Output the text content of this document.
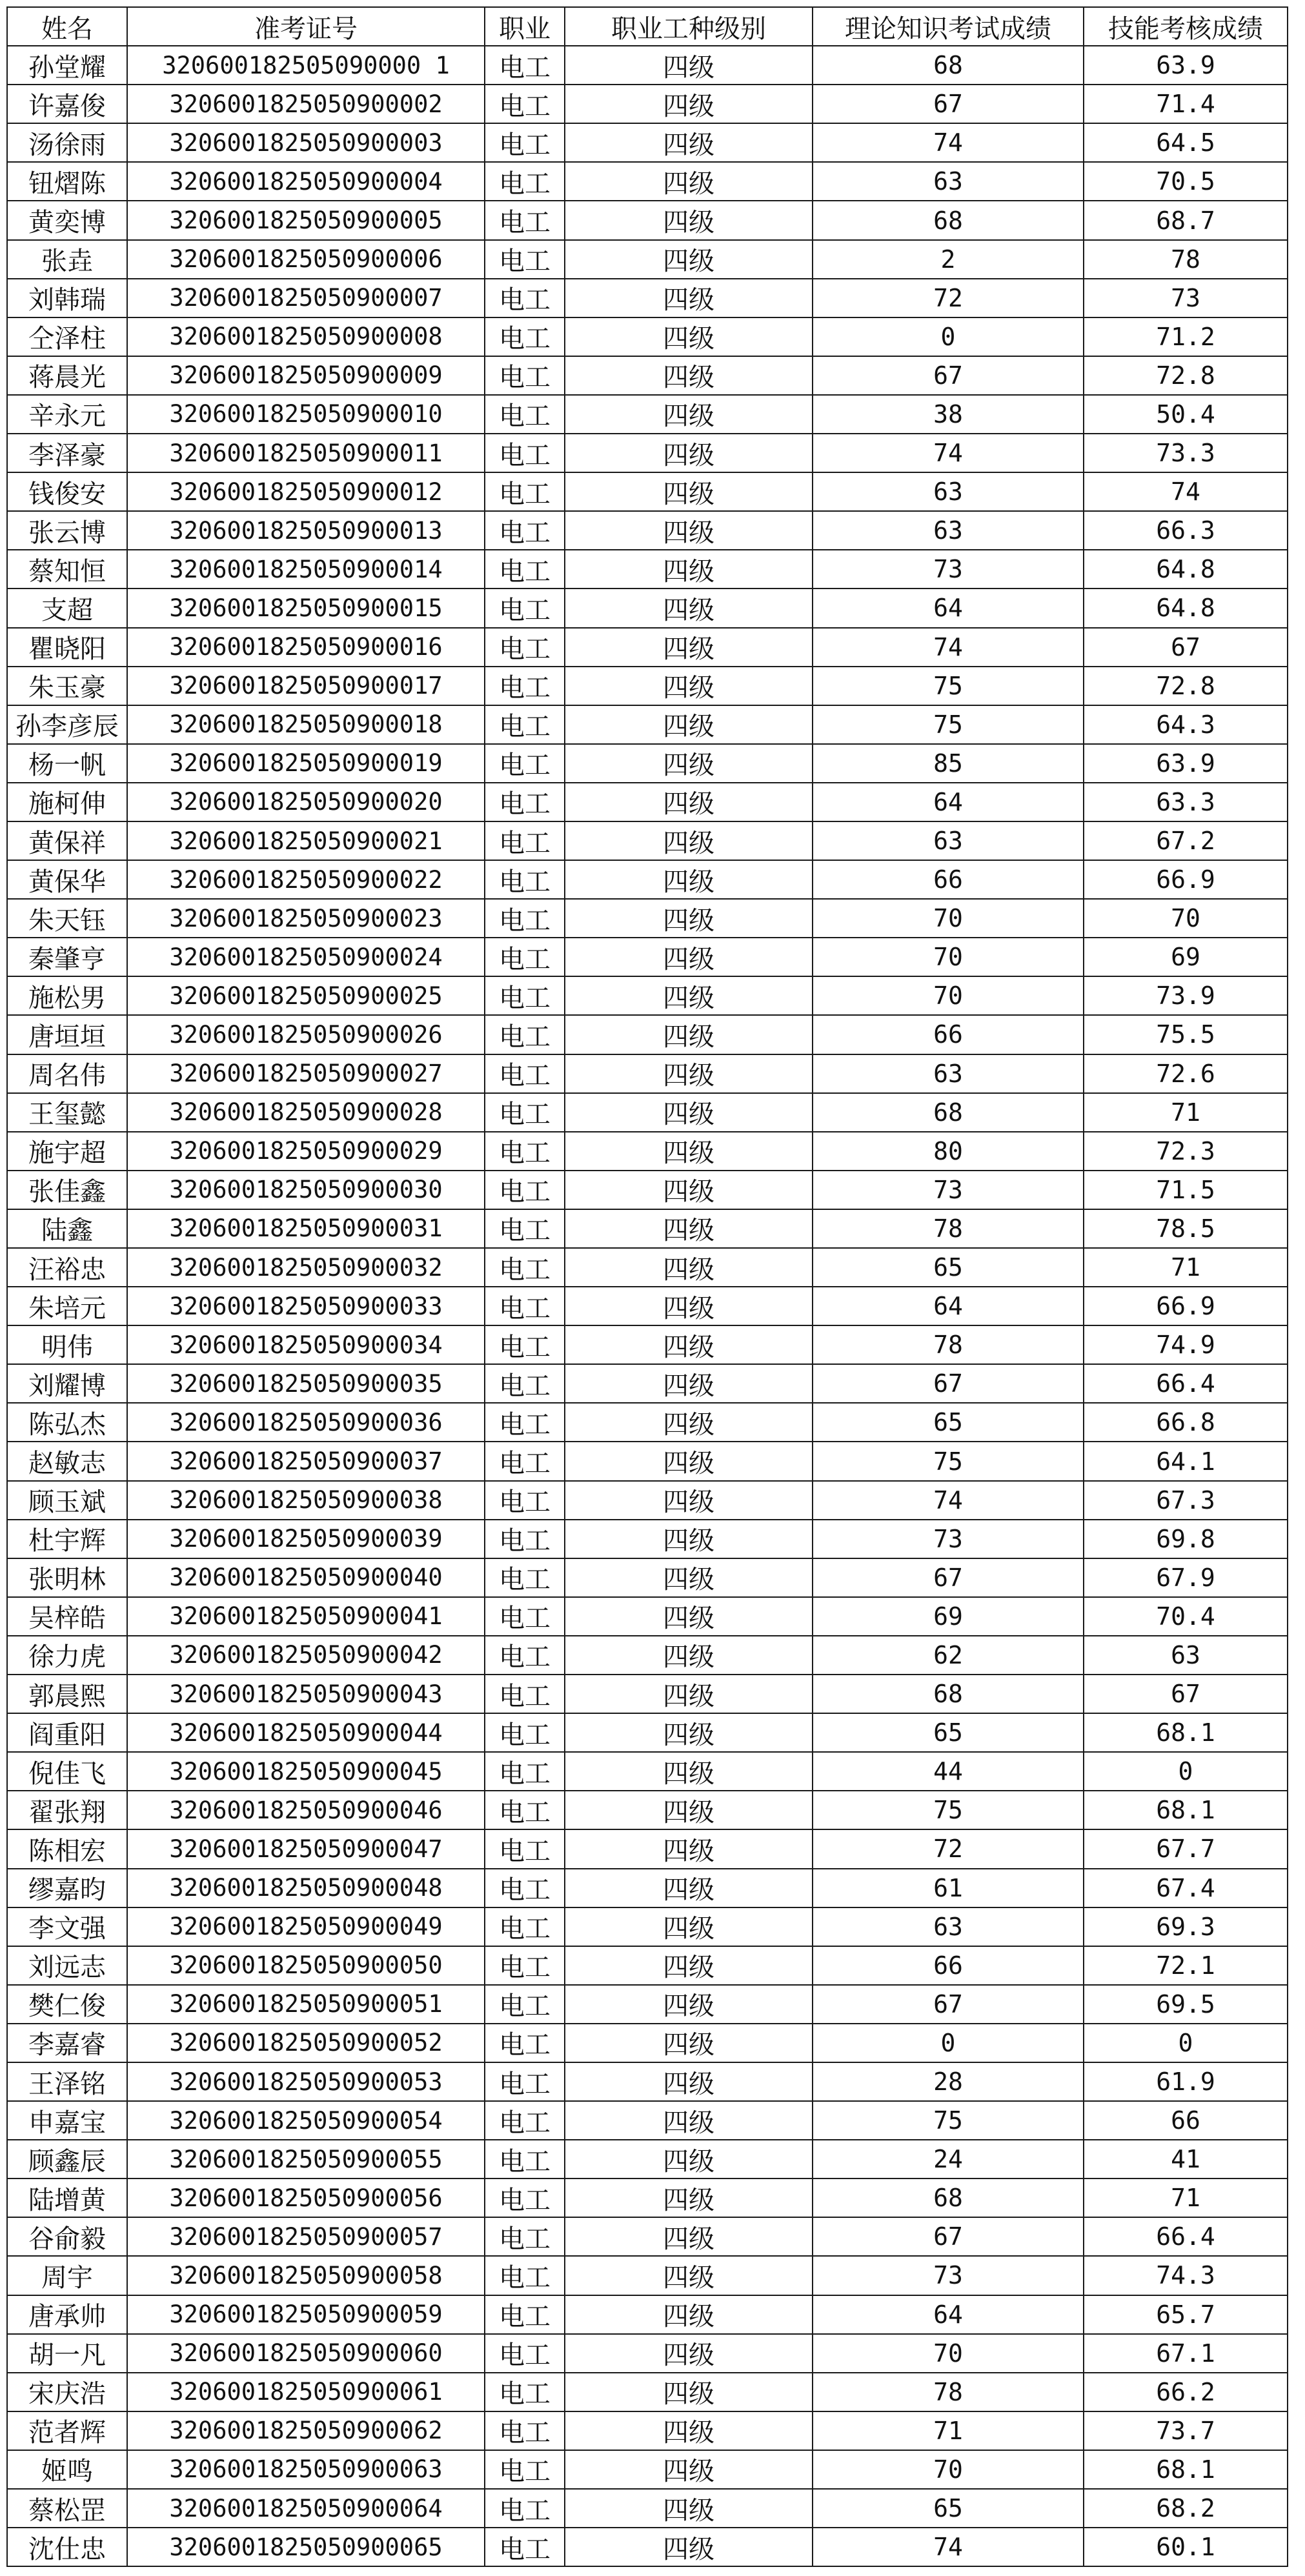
姓名	准考证号	职业	职业工种级别	理论知识考试成绩	技能考核成绩
孙堂耀	320600182505090000 1	电工	四级	68	63.9
许嘉俊	3206001825050900002	电工	四级	67	71.4
汤徐雨	3206001825050900003	电工	四级	74	64.5
钮熠陈	3206001825050900004	电工	四级	63	70.5
黄奕博	3206001825050900005	电工	四级	68	68.7
张垚	3206001825050900006	电工	四级	2	78
刘韩瑞	3206001825050900007	电工	四级	72	73
仝泽柱	3206001825050900008	电工	四级	0	71.2
蒋晨光	3206001825050900009	电工	四级	67	72.8
辛永元	3206001825050900010	电工	四级	38	50.4
李泽豪	3206001825050900011	电工	四级	74	73.3
钱俊安	3206001825050900012	电工	四级	63	74
张云博	3206001825050900013	电工	四级	63	66.3
蔡知恒	3206001825050900014	电工	四级	73	64.8
支超	3206001825050900015	电工	四级	64	64.8
瞿晓阳	3206001825050900016	电工	四级	74	67
朱玉豪	3206001825050900017	电工	四级	75	72.8
孙李彦辰	3206001825050900018	电工	四级	75	64.3
杨一帆	3206001825050900019	电工	四级	85	63.9
施柯伸	3206001825050900020	电工	四级	64	63.3
黄保祥	3206001825050900021	电工	四级	63	67.2
黄保华	3206001825050900022	电工	四级	66	66.9
朱天钰	3206001825050900023	电工	四级	70	70
秦肇亨	3206001825050900024	电工	四级	70	69
施松男	3206001825050900025	电工	四级	70	73.9
唐垣垣	3206001825050900026	电工	四级	66	75.5
周名伟	3206001825050900027	电工	四级	63	72.6
王玺懿	3206001825050900028	电工	四级	68	71
施宇超	3206001825050900029	电工	四级	80	72.3
张佳鑫	3206001825050900030	电工	四级	73	71.5
陆鑫	3206001825050900031	电工	四级	78	78.5
汪裕忠	3206001825050900032	电工	四级	65	71
朱培元	3206001825050900033	电工	四级	64	66.9
明伟	3206001825050900034	电工	四级	78	74.9
刘耀博	3206001825050900035	电工	四级	67	66.4
陈弘杰	3206001825050900036	电工	四级	65	66.8
赵敏志	3206001825050900037	电工	四级	75	64.1
顾玉斌	3206001825050900038	电工	四级	74	67.3
杜宇辉	3206001825050900039	电工	四级	73	69.8
张明林	3206001825050900040	电工	四级	67	67.9
吴梓皓	3206001825050900041	电工	四级	69	70.4
徐力虎	3206001825050900042	电工	四级	62	63
郭晨熙	3206001825050900043	电工	四级	68	67
阎重阳	3206001825050900044	电工	四级	65	68.1
倪佳飞	3206001825050900045	电工	四级	44	0
翟张翔	3206001825050900046	电工	四级	75	68.1
陈相宏	3206001825050900047	电工	四级	72	67.7
缪嘉昀	3206001825050900048	电工	四级	61	67.4
李文强	3206001825050900049	电工	四级	63	69.3
刘远志	3206001825050900050	电工	四级	66	72.1
樊仁俊	3206001825050900051	电工	四级	67	69.5
李嘉睿	3206001825050900052	电工	四级	0	0
王泽铭	3206001825050900053	电工	四级	28	61.9
申嘉宝	3206001825050900054	电工	四级	75	66
顾鑫辰	3206001825050900055	电工	四级	24	41
陆增黄	3206001825050900056	电工	四级	68	71
谷俞毅	3206001825050900057	电工	四级	67	66.4
周宇	3206001825050900058	电工	四级	73	74.3
唐承帅	3206001825050900059	电工	四级	64	65.7
胡一凡	3206001825050900060	电工	四级	70	67.1
宋庆浩	3206001825050900061	电工	四级	78	66.2
范者辉	3206001825050900062	电工	四级	71	73.7
姬鸣	3206001825050900063	电工	四级	70	68.1
蔡松罡	3206001825050900064	电工	四级	65	68.2
沈仕忠	3206001825050900065	电工	四级	74	60.1
